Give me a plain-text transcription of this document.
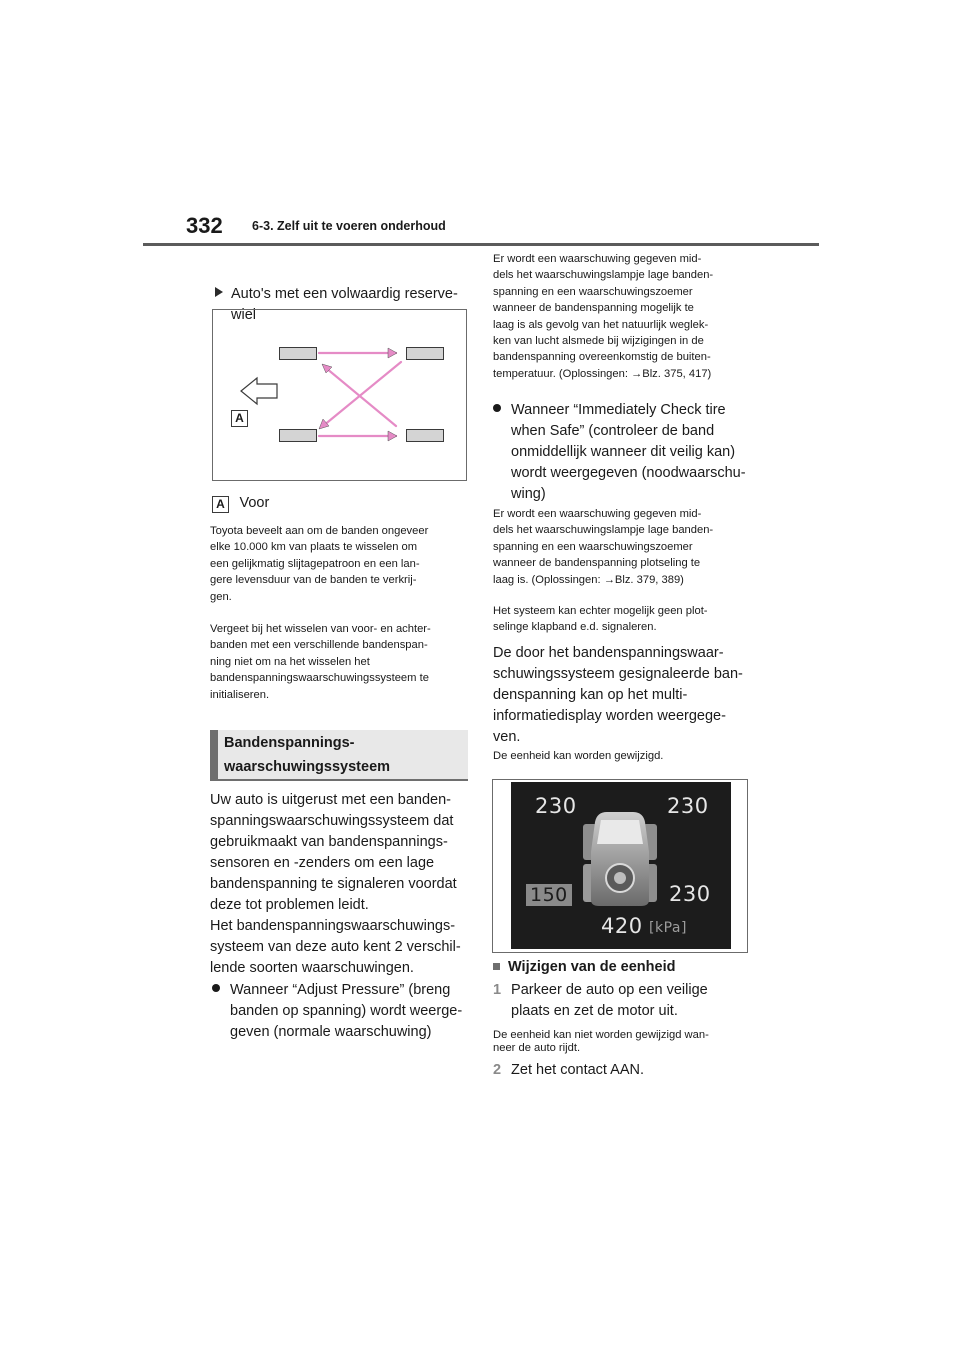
332 6-3. Zelf uit te voeren onderhoud
Auto's met een volwaardig reserve-
wiel
A
A Voor
Toyota beveelt aan om de banden ongeveer
elke 10.000 km van plaats te wisselen om
een gelijkmatig slijtagepatroon en een lan-
gere levensduur van de banden te verkrij-
gen.
Vergeet bij het wisselen van voor- en achter-
banden met een verschillende bandenspan-
ning niet om na het wisselen het
bandenspanningswaarschuwingssysteem te
initialiseren.
Bandenspannings-
waarschuwingssysteem
Uw auto is uitgerust met een banden-
spanningswaarschuwingssysteem dat
gebruikmaakt van bandenspannings-
sensoren en -zenders om een lage
bandenspanning te signaleren voordat
deze tot problemen leidt.
Het bandenspanningswaarschuwings-
systeem van deze auto kent 2 verschil-
lende soorten waarschuwingen.
Wanneer “Adjust Pressure” (breng
banden op spanning) wordt weerge-
geven (normale waarschuwing)
Er wordt een waarschuwing gegeven mid-
dels het waarschuwingslampje lage banden-
spanning en een waarschuwingszoemer
wanneer de bandenspanning mogelijk te
laag is als gevolg van het natuurlijk weglek-
ken van lucht alsmede bij wijzigingen in de
bandenspanning overeenkomstig de buiten-
temperatuur. (Oplossingen: →Blz. 375, 417)
Wanneer “Immediately Check tire
when Safe” (controleer de band
onmiddellijk wanneer dit veilig kan)
wordt weergegeven (noodwaarschu-
wing)
Er wordt een waarschuwing gegeven mid-
dels het waarschuwingslampje lage banden-
spanning en een waarschuwingszoemer
wanneer de bandenspanning plotseling te
laag is. (Oplossingen: →Blz. 379, 389)
Het systeem kan echter mogelijk geen plot-
selinge klapband e.d. signaleren.
De door het bandenspanningswaar-
schuwingssysteem gesignaleerde ban-
denspanning kan op het multi-
informatiedisplay worden weergege-
ven.
De eenheid kan worden gewijzigd.
230	230
150	230
420 [kPa]
Wijzigen van de eenheid
1 Parkeer de auto op een veilige
plaats en zet de motor uit.
De eenheid kan niet worden gewijzigd wan-
neer de auto rijdt.
2 Zet het contact AAN.
